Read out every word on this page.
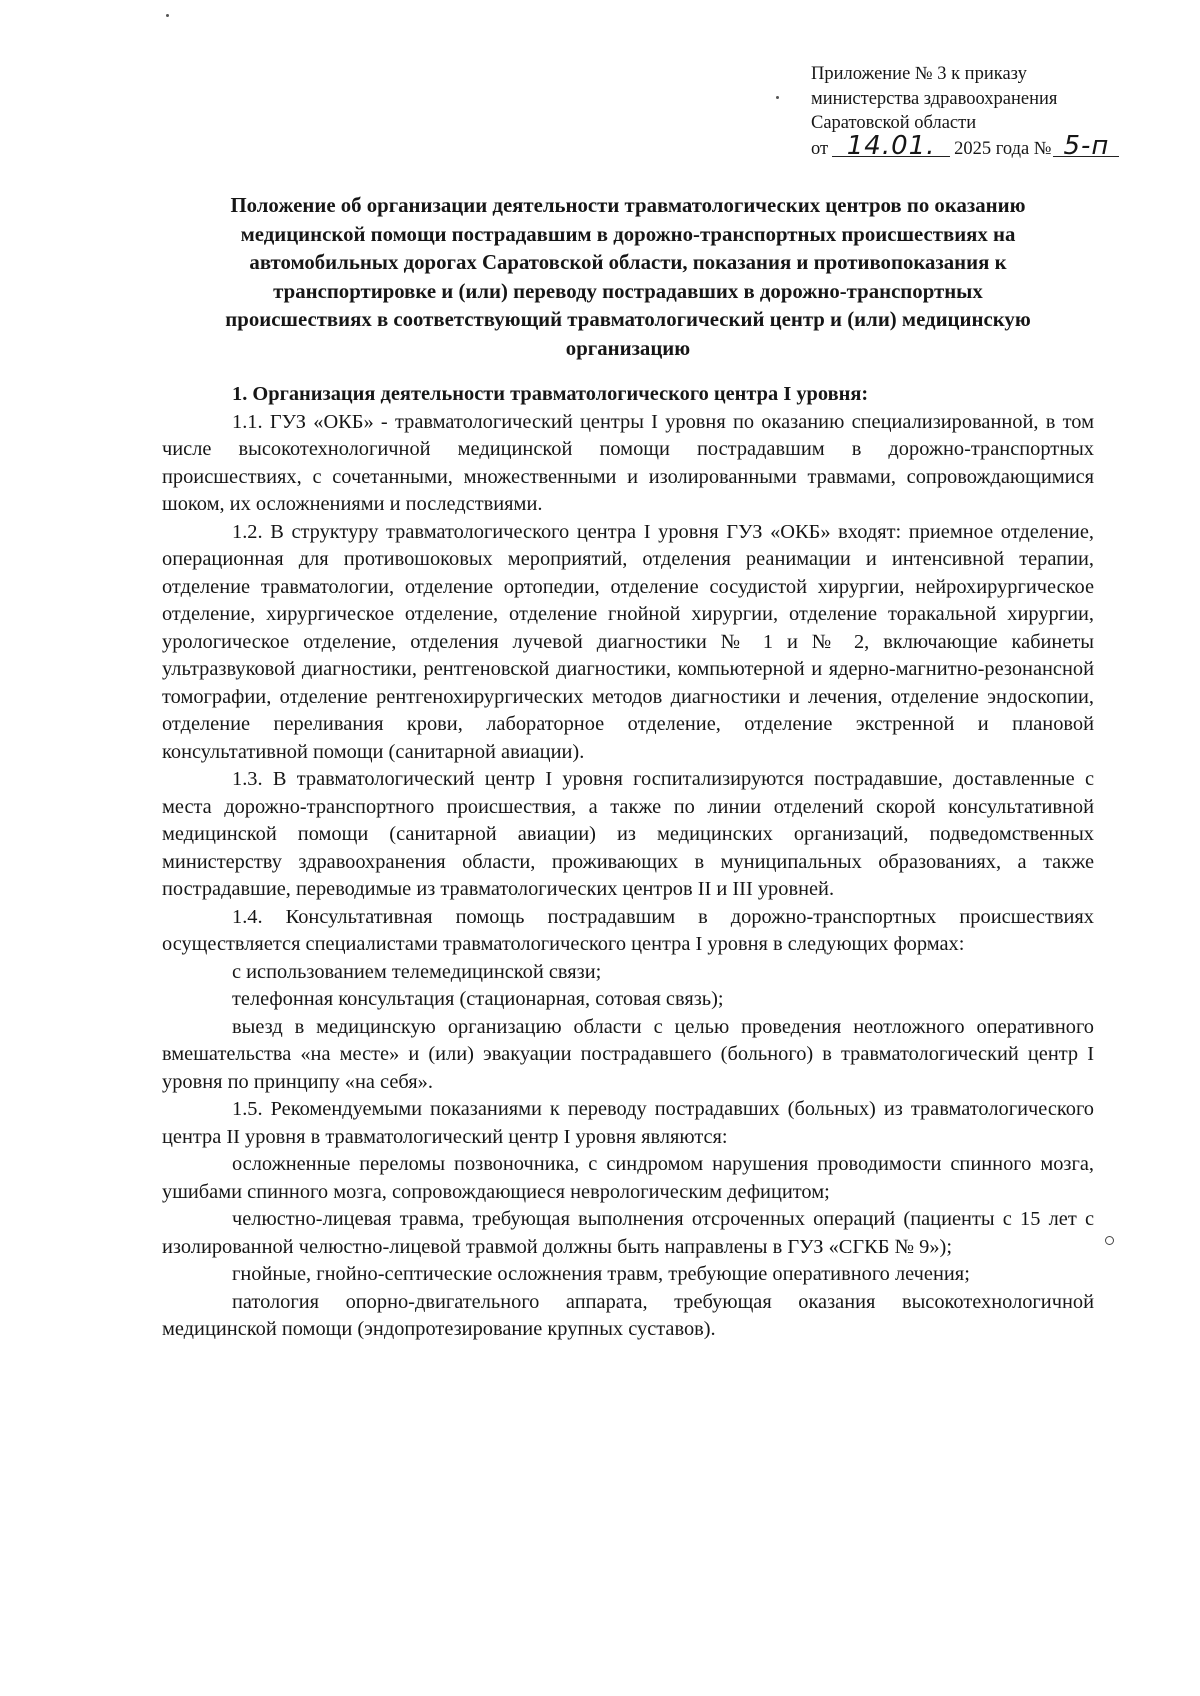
Приложение № 3 к приказу
министерства здравоохранения
Саратовской области
от 14.01.	2025 года № 5-п
Положение об организации деятельности травматологических центров по оказанию
медицинской помощи пострадавшим в дорожно-транспортных происшествиях на
автомобильных дорогах Саратовской области, показания и противопоказания к
транспортировке и (или) переводу пострадавших в дорожно-транспортных
происшествиях в соответствующий травматологический центр и (или) медицинскую
организацию

1. Организация деятельности травматологического центра I уровня:

1.1. ГУЗ «ОКБ» - травматологический центры I уровня по оказанию специализированной, в том числе высокотехнологичной медицинской помощи пострадавшим в дорожно-транспортных происшествиях, с сочетанными, множественными и изолированными травмами, сопровождающимися шоком, их осложнениями и последствиями.

1.2. В структуру травматологического центра I уровня ГУЗ «ОКБ» входят: приемное отделение, операционная для противошоковых мероприятий, отделения реанимации и интенсивной терапии, отделение травматологии, отделение ортопедии, отделение сосудистой хирургии, нейрохирургическое отделение, хирургическое отделение, отделение гнойной хирургии, отделение торакальной хирургии, урологическое отделение, отделения лучевой диагностики № 1 и № 2, включающие кабинеты ультразвуковой диагностики, рентгеновской диагностики, компьютерной и ядерно-магнитно-резонансной томографии, отделение рентгенохирургических методов диагностики и лечения, отделение эндоскопии, отделение переливания крови, лабораторное отделение, отделение экстренной и плановой консультативной помощи (санитарной авиации).

1.3. В травматологический центр I уровня госпитализируются пострадавшие, доставленные с места дорожно-транспортного происшествия, а также по линии отделений скорой консультативной медицинской помощи (санитарной авиации) из медицинских организаций, подведомственных министерству здравоохранения области, проживающих в муниципальных образованиях, а также пострадавшие, переводимые из травматологических центров II и III уровней.

1.4. Консультативная помощь пострадавшим в дорожно-транспортных происшествиях осуществляется специалистами травматологического центра I уровня в следующих формах:

с использованием телемедицинской связи;

телефонная консультация (стационарная, сотовая связь);

выезд в медицинскую организацию области с целью проведения неотложного оперативного вмешательства «на месте» и (или) эвакуации пострадавшего (больного) в травматологический центр I уровня по принципу «на себя».

1.5. Рекомендуемыми показаниями к переводу пострадавших (больных) из травматологического центра II уровня в травматологический центр I уровня являются:

осложненные переломы позвоночника, с синдромом нарушения проводимости спинного мозга, ушибами спинного мозга, сопровождающиеся неврологическим дефицитом;

челюстно-лицевая травма, требующая выполнения отсроченных операций (пациенты с 15 лет с изолированной челюстно-лицевой травмой должны быть направлены в ГУЗ «СГКБ № 9»);

гнойные, гнойно-септические осложнения травм, требующие оперативного лечения;

патология опорно-двигательного аппарата, требующая оказания высокотехнологичной медицинской помощи (эндопротезирование крупных суставов).
